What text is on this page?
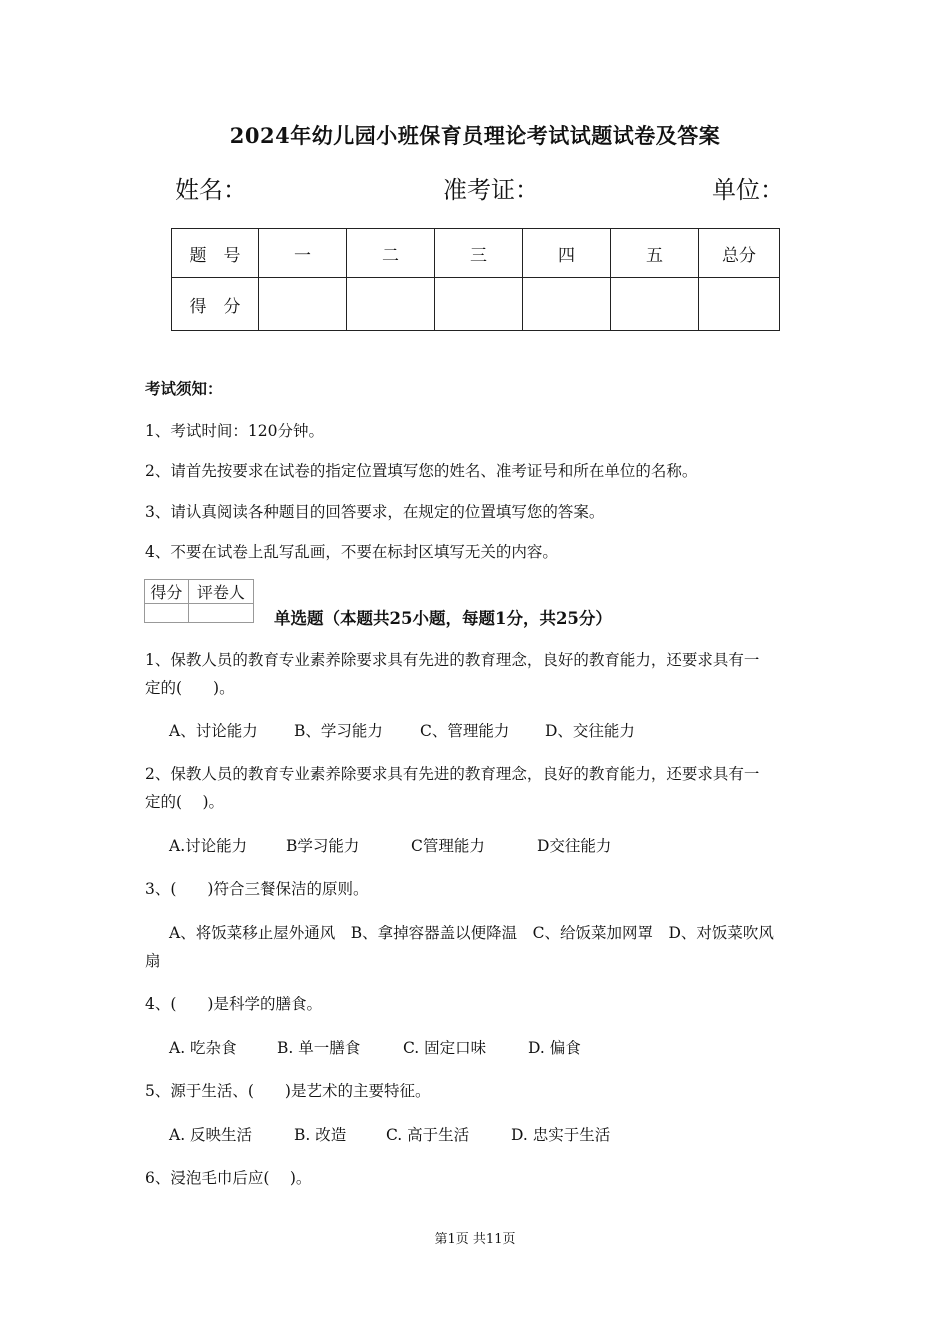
2024年幼儿园小班保育员理论考试试题试卷及答案
姓名：	准考证：	单位：
题　号	一	二	三	四	五	总分
得　分						
考试须知：
1、考试时间：120分钟。
2、请首先按要求在试卷的指定位置填写您的姓名、准考证号和所在单位的名称。
3、请认真阅读各种题目的回答要求，在规定的位置填写您的答案。
4、不要在试卷上乱写乱画，不要在标封区填写无关的内容。
得分	评卷人

单选题（本题共25小题，每题1分，共25分）
1、保教人员的教育专业素养除要求具有先进的教育理念，良好的教育能力，还要求具有一
定的(　　)。
A、讨论能力 B、学习能力 C、管理能力 D、交往能力
2、保教人员的教育专业素养除要求具有先进的教育理念，良好的教育能力，还要求具有一
定的(　 )。
A.讨论能力	B学习能力	C管理能力	D交往能力
3、(　　)符合三餐保洁的原则。
A、将饭菜移止屋外通风　B、拿掉容器盖以便降温　C、给饭菜加网罩　D、对饭菜吹风
扇
4、(　　)是科学的膳食。
A. 吃杂食	B. 单一膳食	C. 固定口味	D. 偏食
5、源于生活、(　　)是艺术的主要特征。
A. 反映生活	B. 改造	C. 高于生活	D. 忠实于生活
6、浸泡毛巾后应(　 )。
第1页 共11页
